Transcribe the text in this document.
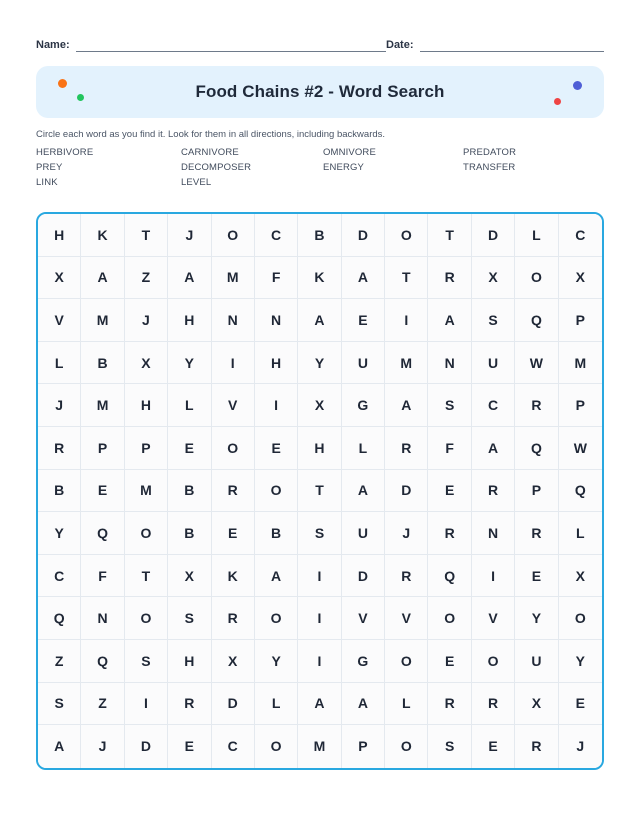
Name:	Date:
Food Chains #2 - Word Search
Circle each word as you find it. Look for them in all directions, including backwards.
HERBIVORE	CARNIVORE	OMNIVORE	PREDATOR
PREY	DECOMPOSER	ENERGY	TRANSFER
LINK	LEVEL
H	K	T	J	O	C	B	D	O	T	D	L	C
X	A	Z	A	M	F	K	A	T	R	X	O	X
V	M	J	H	N	N	A	E	I	A	S	Q	P
L	B	X	Y	I	H	Y	U	M	N	U	W	M
J	M	H	L	V	I	X	G	A	S	C	R	P
R	P	P	E	O	E	H	L	R	F	A	Q	W
B	E	M	B	R	O	T	A	D	E	R	P	Q
Y	Q	O	B	E	B	S	U	J	R	N	R	L
C	F	T	X	K	A	I	D	R	Q	I	E	X
Q	N	O	S	R	O	I	V	V	O	V	Y	O
Z	Q	S	H	X	Y	I	G	O	E	O	U	Y
S	Z	I	R	D	L	A	A	L	R	R	X	E
A	J	D	E	C	O	M	P	O	S	E	R	J
